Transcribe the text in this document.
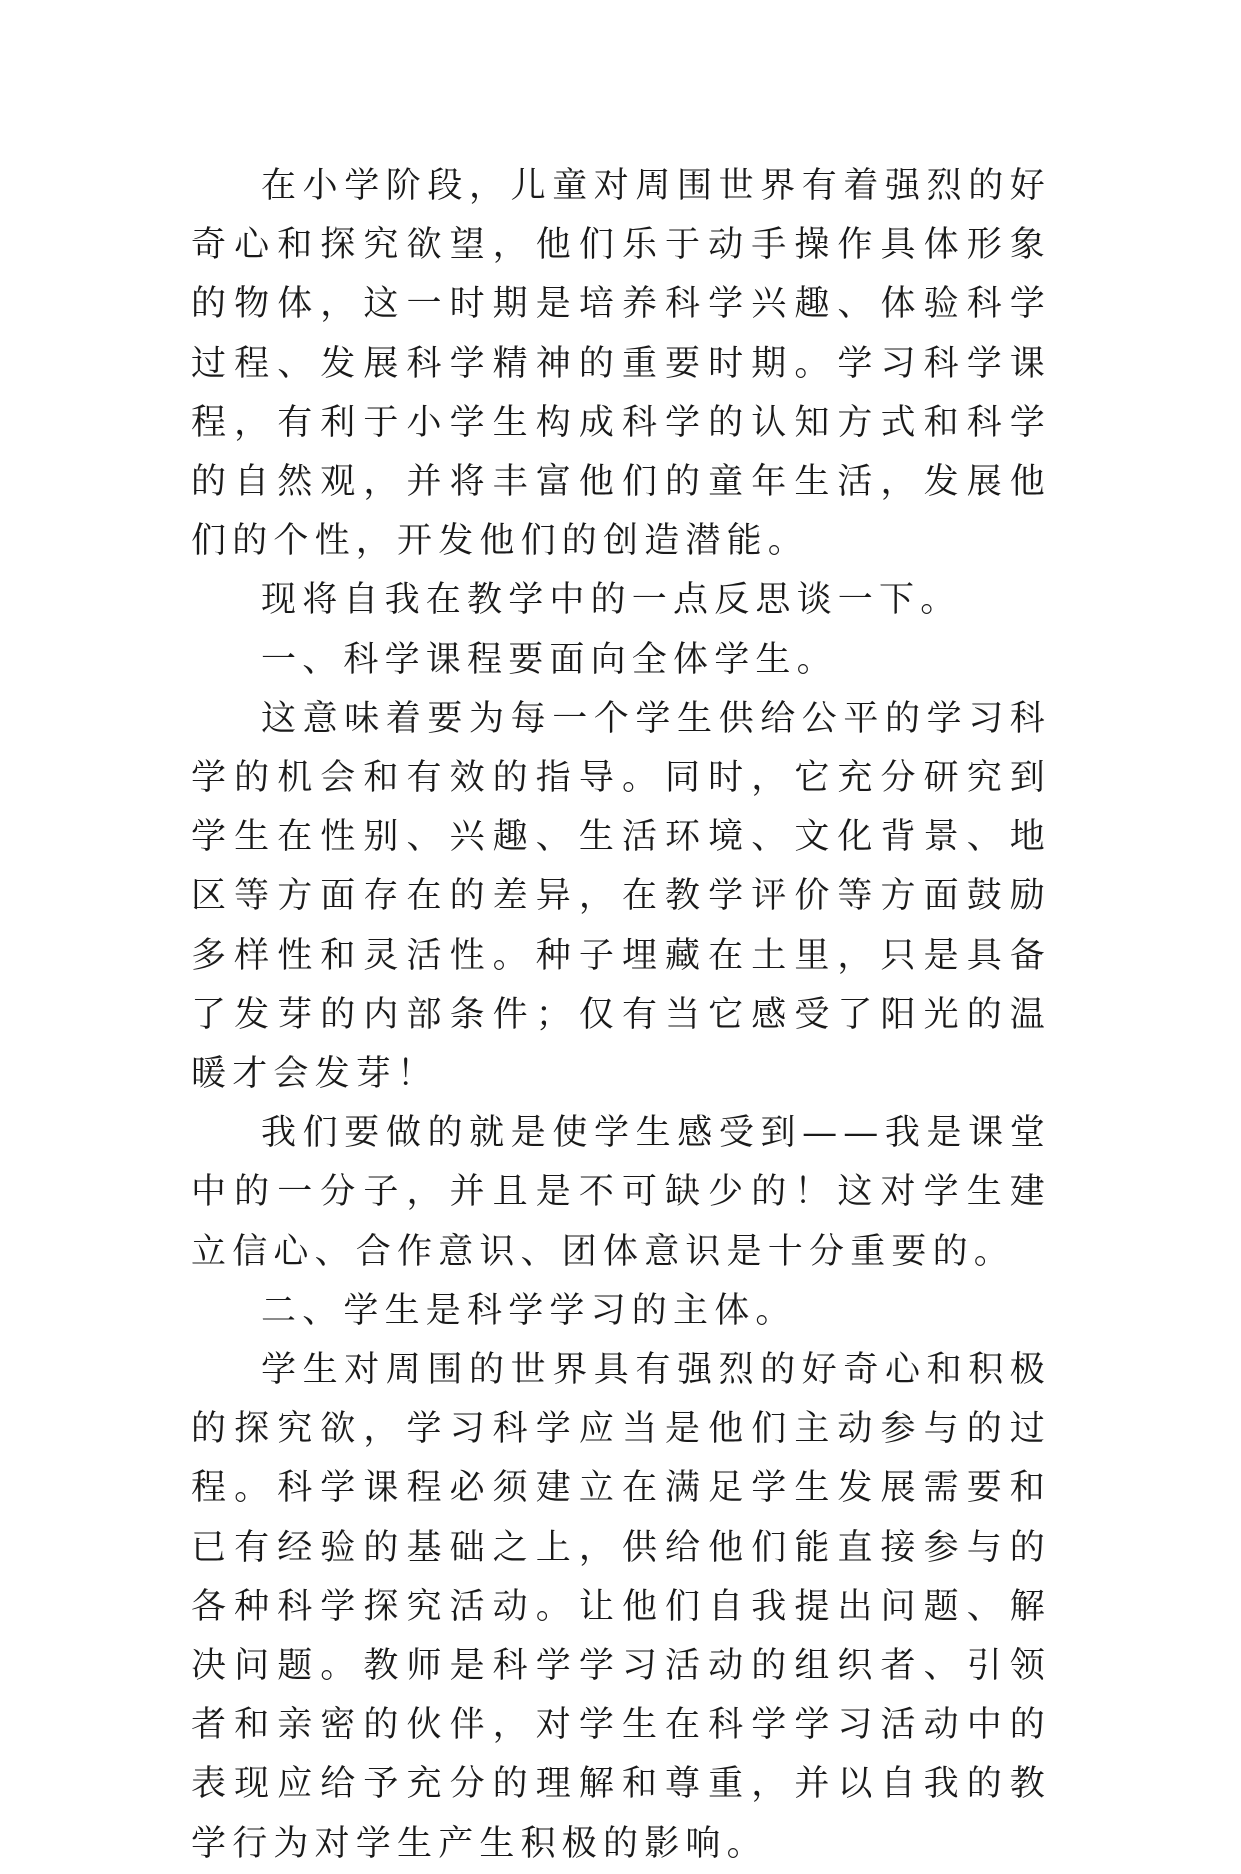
在小学阶段，儿童对周围世界有着强烈的好奇心和探究欲望，他们乐于动手操作具体形象的物体，这一时期是培养科学兴趣、体验科学过程、发展科学精神的重要时期。学习科学课程，有利于小学生构成科学的认知方式和科学的自然观，并将丰富他们的童年生活，发展他们的个性，开发他们的创造潜能。

现将自我在教学中的一点反思谈一下。

一、科学课程要面向全体学生。

这意味着要为每一个学生供给公平的学习科学的机会和有效的指导。同时，它充分研究到学生在性别、兴趣、生活环境、文化背景、地区等方面存在的差异，在教学评价等方面鼓励多样性和灵活性。种子埋藏在土里，只是具备了发芽的内部条件；仅有当它感受了阳光的温暖才会发芽！

我们要做的就是使学生感受到——我是课堂中的一分子，并且是不可缺少的！这对学生建立信心、合作意识、团体意识是十分重要的。

二、学生是科学学习的主体。

学生对周围的世界具有强烈的好奇心和积极的探究欲，学习科学应当是他们主动参与的过程。科学课程必须建立在满足学生发展需要和已有经验的基础之上，供给他们能直接参与的各种科学探究活动。让他们自我提出问题、解决问题。教师是科学学习活动的组织者、引领者和亲密的伙伴，对学生在科学学习活动中的表现应给予充分的理解和尊重，并以自我的教学行为对学生产生积极的影响。
